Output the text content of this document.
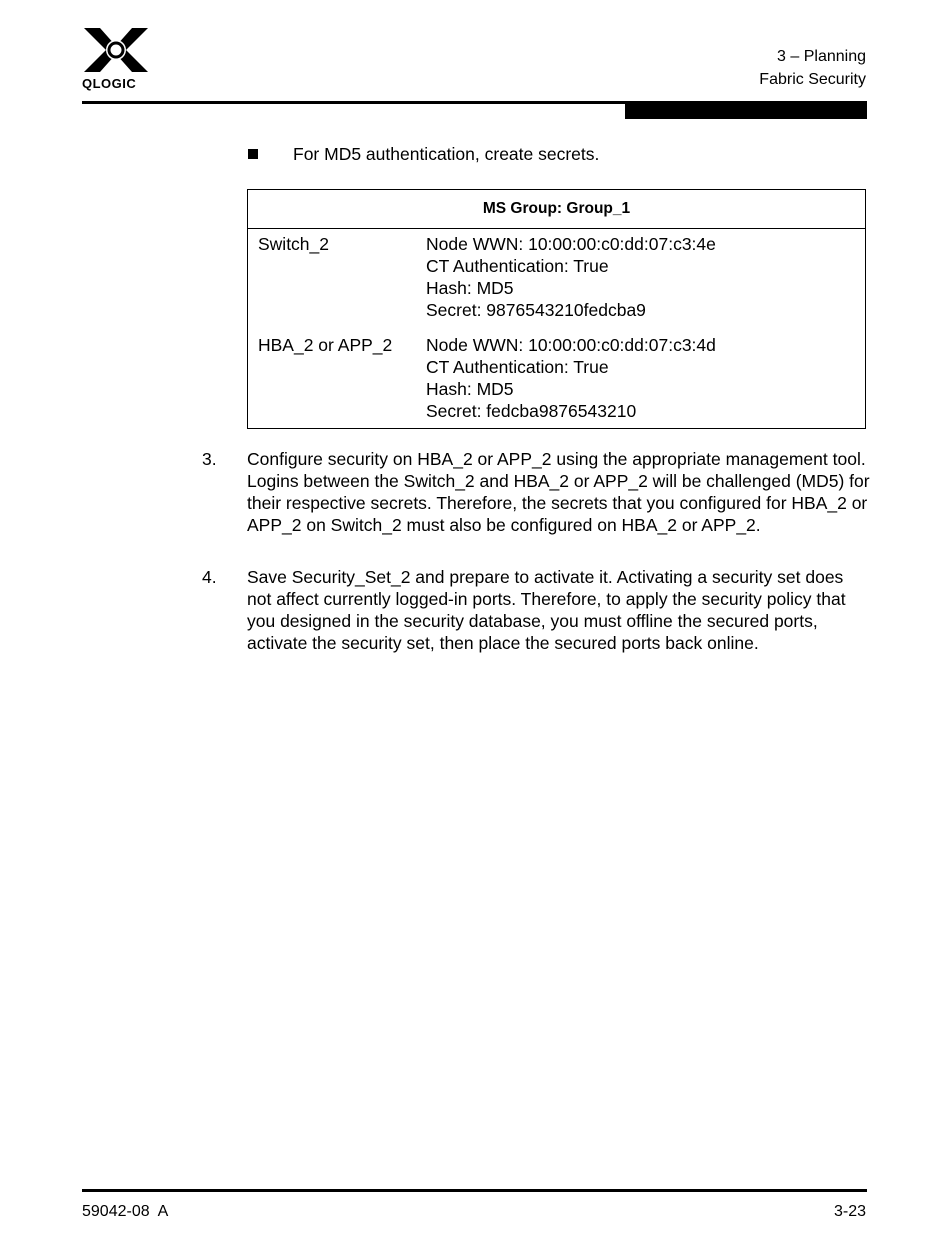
QLOGIC
3 – Planning
Fabric Security
For MD5 authentication, create secrets.
MS Group: Group_1
Switch_2	Node WWN: 10:00:00:c0:dd:07:c3:4e
CT Authentication: True
Hash: MD5
Secret: 9876543210fedcba9
HBA_2 or APP_2 Node WWN: 10:00:00:c0:dd:07:c3:4d
CT Authentication: True
Hash: MD5
Secret: fedcba9876543210
3. Configure security on HBA_2 or APP_2 using the appropriate management tool. Logins between the Switch_2 and HBA_2 or APP_2 will be challenged (MD5) for their respective secrets. Therefore, the secrets that you configured for HBA_2 or APP_2 on Switch_2 must also be configured on HBA_2 or APP_2.
4. Save Security_Set_2 and prepare to activate it. Activating a security set does not affect currently logged-in ports. Therefore, to apply the security policy that you designed in the security database, you must offline the secured ports, activate the security set, then place the secured ports back online.
59042-08  A	3-23
